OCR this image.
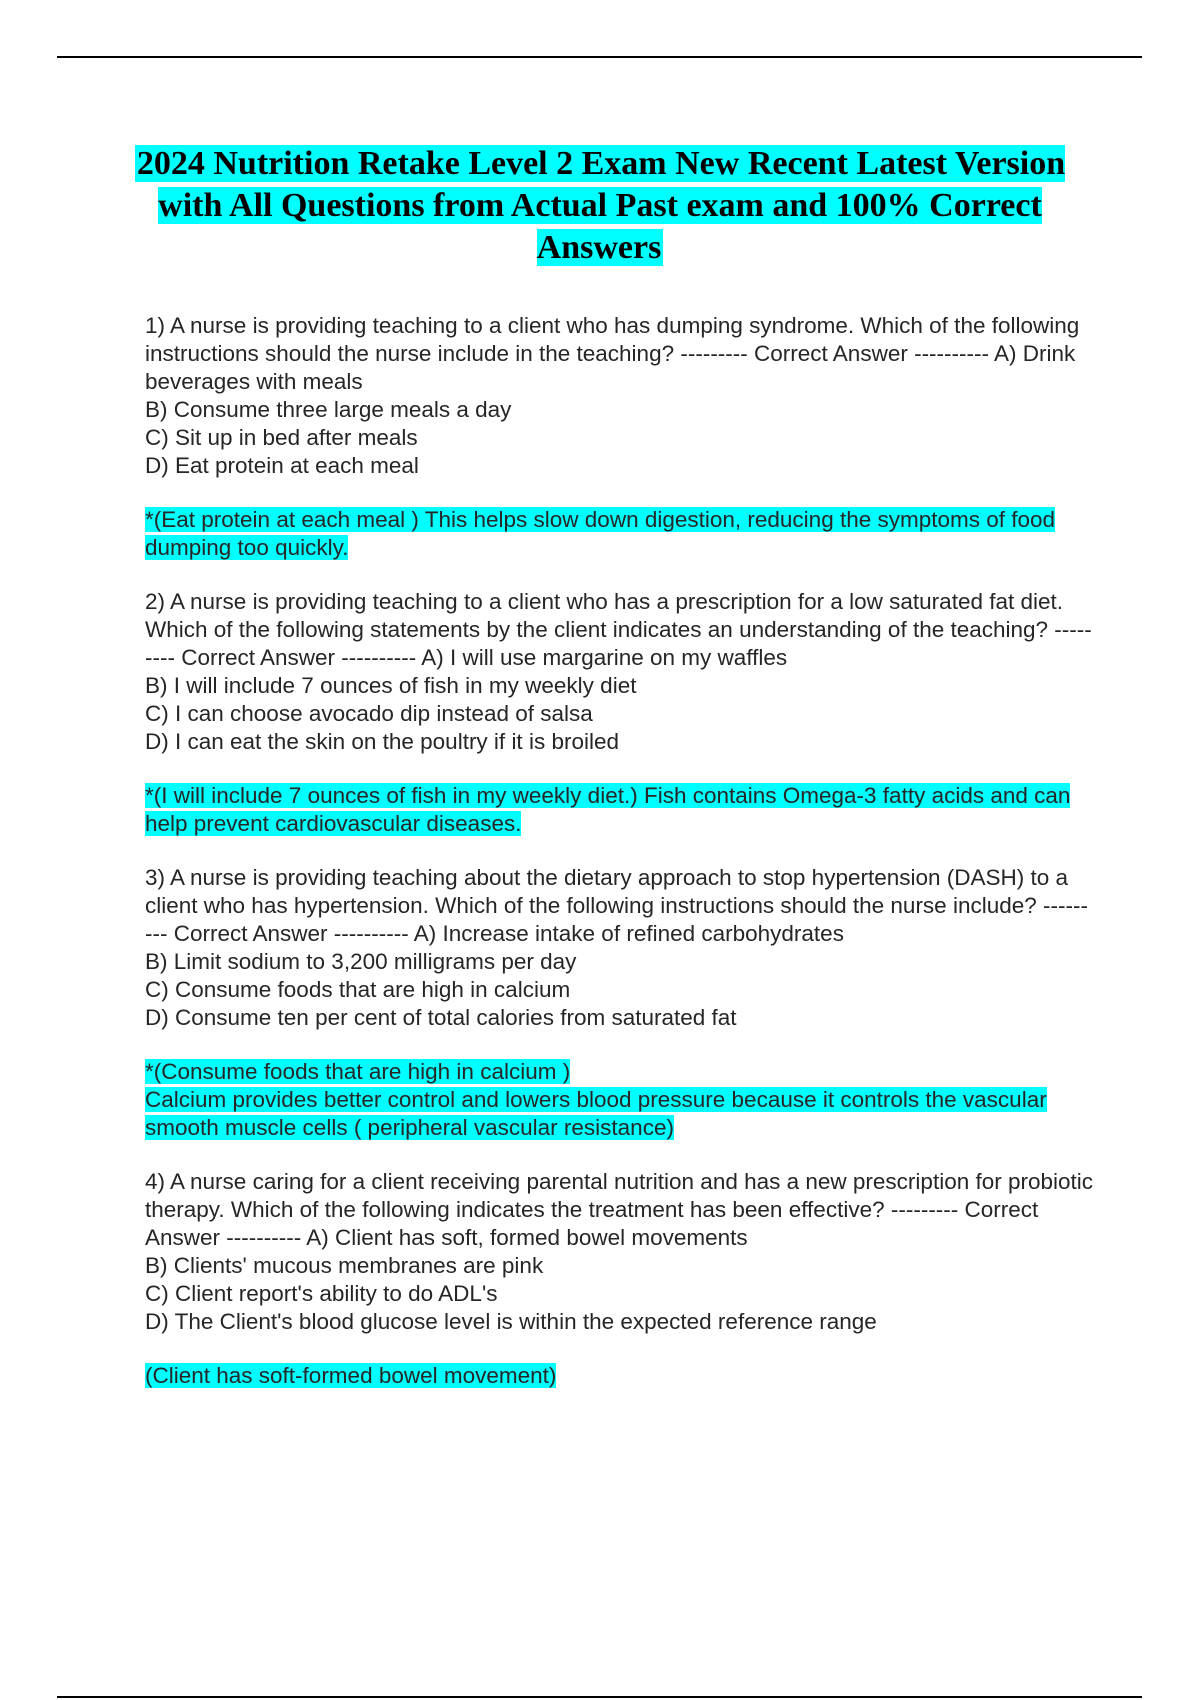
2024 Nutrition Retake Level 2 Exam New Recent Latest Version with All Questions from Actual Past exam and 100% Correct Answers

1) A nurse is providing teaching to a client who has dumping syndrome. Which of the following instructions should the nurse include in the teaching? --------- Correct Answer ---------- A) Drink beverages with meals

B) Consume three large meals a day

C) Sit up in bed after meals

D) Eat protein at each meal

*(Eat protein at each meal ) This helps slow down digestion, reducing the symptoms of food dumping too quickly.

2) A nurse is providing teaching to a client who has a prescription for a low saturated fat diet. Which of the following statements by the client indicates an understanding of the teaching? --------- Correct Answer ---------- A) I will use margarine on my waffles

B) I will include 7 ounces of fish in my weekly diet

C) I can choose avocado dip instead of salsa

D) I can eat the skin on the poultry if it is broiled

*(I will include 7 ounces of fish in my weekly diet.) Fish contains Omega-3 fatty acids and can help prevent cardiovascular diseases.

3) A nurse is providing teaching about the dietary approach to stop hypertension (DASH) to a client who has hypertension. Which of the following instructions should the nurse include? --------- Correct Answer ---------- A) Increase intake of refined carbohydrates

B) Limit sodium to 3,200 milligrams per day

C) Consume foods that are high in calcium

D) Consume ten per cent of total calories from saturated fat

*(Consume foods that are high in calcium )

Calcium provides better control and lowers blood pressure because it controls the vascular smooth muscle cells ( peripheral vascular resistance)

4) A nurse caring for a client receiving parental nutrition and has a new prescription for probiotic therapy. Which of the following indicates the treatment has been effective? --------- Correct Answer ---------- A) Client has soft, formed bowel movements

B) Clients' mucous membranes are pink

C) Client report's ability to do ADL's

D) The Client's blood glucose level is within the expected reference range

(Client has soft-formed bowel movement)
